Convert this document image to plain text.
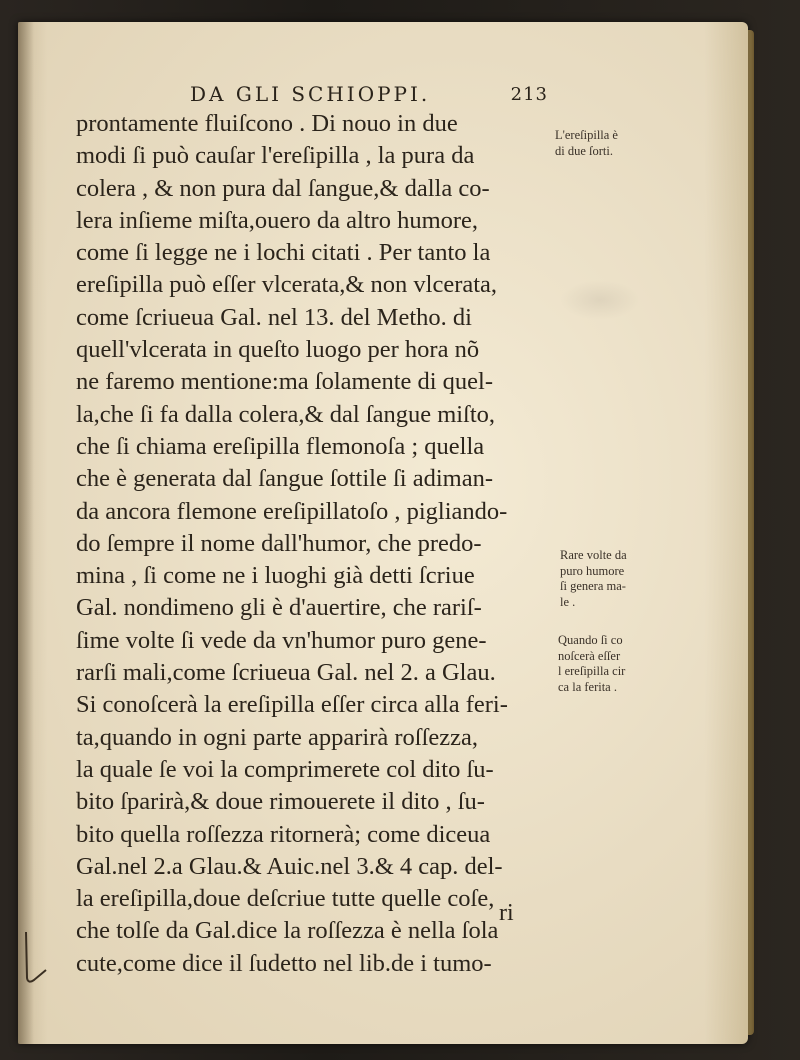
DA GLI SCHIOPPI.	213
prontamente fluiſcono . Di nouo in due
modi ſi può cauſar l'ereſipilla , la pura da
colera , & non pura dal ſangue,& dalla co-
lera inſieme miſta,ouero da altro humore,
come ſi legge ne i lochi citati . Per tanto la
ereſipilla può eſſer vlcerata,& non vlcerata,
come ſcriueua Gal. nel 13. del Metho. di
quell'vlcerata in queſto luogo per hora nõ
ne faremo mentione:ma ſolamente di quel-
la,che ſi fa dalla colera,& dal ſangue miſto,
che ſi chiama ereſipilla flemonoſa ; quella
che è generata dal ſangue ſottile ſi adiman-
da ancora flemone ereſipillatoſo , pigliando-
do ſempre il nome dall'humor, che predo-
mina , ſi come ne i luoghi già detti ſcriue
Gal. nondimeno gli è d'auertire, che rariſ-
ſime volte ſi vede da vn'humor puro gene-
rarſi mali,come ſcriueua Gal. nel 2. a Glau.
Si conoſcerà la ereſipilla eſſer circa alla feri-
ta,quando in ogni parte apparirà roſſezza,
la quale ſe voi la comprimerete col dito ſu-
bito ſparirà,& doue rimouerete il dito , ſu-
bito quella roſſezza ritornerà; come diceua
Gal.nel 2.a Glau.& Auic.nel 3.& 4 cap. del-
la ereſipilla,doue deſcriue tutte quelle coſe,
che tolſe da Gal.dice la roſſezza è nella ſola
cute,come dice il ſudetto nel lib.de i tumo-
ri
L'ereſipilla è
di due ſorti.
Rare volte da
puro humore
ſi genera ma-
le .
Quando ſi co
noſcerà eſſer
l ereſipilla cir
ca la ferita .
